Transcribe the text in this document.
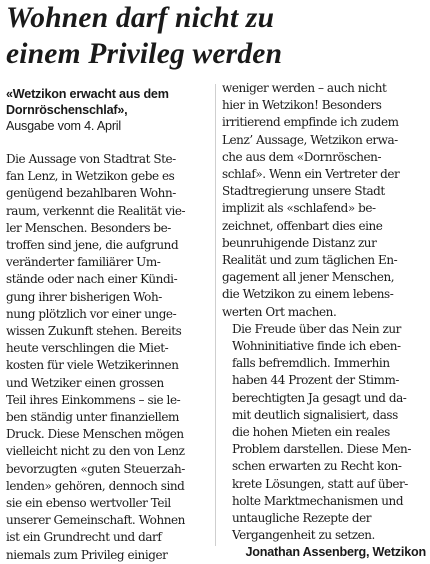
Wohnen darf nicht zu
einem Privileg werden
«Wetzikon erwacht aus dem
Dornröschenschlaf»,
Ausgabe vom 4. April
Die Aussage von Stadtrat Ste-
fan Lenz, in Wetzikon gebe es
genügend bezahlbaren Wohn-
raum, verkennt die Realität vie-
ler Menschen. Besonders be-
troffen sind jene, die aufgrund
veränderter familiärer Um-
stände oder nach einer Kündi-
gung ihrer bisherigen Woh-
nung plötzlich vor einer unge-
wissen Zukunft stehen. Bereits
heute verschlingen die Miet-
kosten für viele Wetzikerinnen
und Wetziker einen grossen
Teil ihres Einkommens – sie le-
ben ständig unter finanziellem
Druck. Diese Menschen mögen
vielleicht nicht zu den von Lenz
bevorzugten «guten Steuerzah-
lenden» gehören, dennoch sind
sie ein ebenso wertvoller Teil
unserer Gemeinschaft. Wohnen
ist ein Grundrecht und darf
niemals zum Privileg einiger
weniger werden – auch nicht
hier in Wetzikon! Besonders
irritierend empfinde ich zudem
Lenz’ Aussage, Wetzikon erwa-
che aus dem «Dornröschen-
schlaf». Wenn ein Vertreter der
Stadtregierung unsere Stadt
implizit als «schlafend» be-
zeichnet, offenbart dies eine
beunruhigende Distanz zur
Realität und zum täglichen En-
gagement all jener Menschen,
die Wetzikon zu einem lebens-
werten Ort machen.
Die Freude über das Nein zur
Wohninitiative finde ich eben-
falls befremdlich. Immerhin
haben 44 Prozent der Stimm-
berechtigten Ja gesagt und da-
mit deutlich signalisiert, dass
die hohen Mieten ein reales
Problem darstellen. Diese Men-
schen erwarten zu Recht kon-
krete Lösungen, statt auf über-
holte Marktmechanismen und
untaugliche Rezepte der
Vergangenheit zu setzen.
Jonathan Assenberg, Wetzikon
